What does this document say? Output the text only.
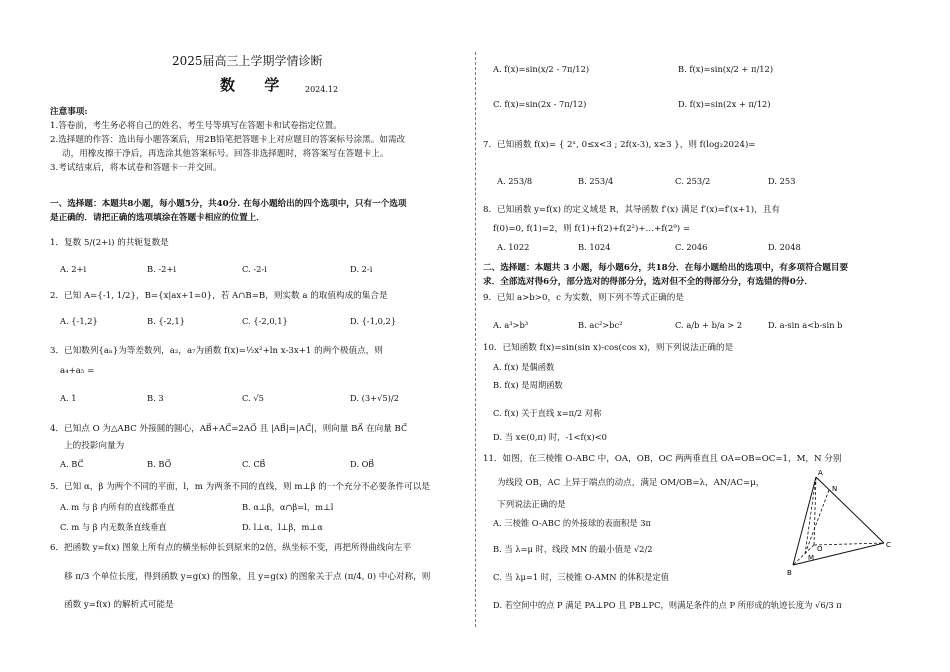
2025届高三上学期学情诊断
数 学 2024.12
注意事项:
1.答卷前，考生务必将自己的姓名、考生号等填写在答题卡和试卷指定位置。
2.选择题的作答：选出每小题答案后，用2B铅笔把答题卡上对应题目的答案标号涂黑。如需改
动，用橡皮擦干净后，再选涂其他答案标号。回答非选择题时，将答案写在答题卡上。
3.考试结束后，将本试卷和答题卡一并交回。
一、选择题：本题共8小题，每小题5分，共40分. 在每小题给出的四个选项中，只有一个选项
是正确的．请把正确的选项填涂在答题卡相应的位置上．
1．复数 5/(2+i) 的共轭复数是
A. 2+i	B. -2+i	C. -2-i	D. 2-i
2．已知 A={-1, 1/2}，B={x|ax+1=0}，若 A∩B=B，则实数 a 的取值构成的集合是
A. {-1,2}	B. {-2,1}	C. {-2,0,1}	D. {-1,0,2}
3．已知数列{aₙ}为等差数列，a₂，a₇为函数 f(x)=½x²+ln x-3x+1 的两个极值点，则
a₄+a₅ =
A. 1	B. 3	C. √5	D. (3+√5)/2
4．已知点 O 为△ABC 外接圆的圆心，AB⃗+AC⃗=2AO⃗ 且 |AB⃗|=|AC⃗|，则向量 BA⃗ 在向量 BC⃗
上的投影向量为
A. BC⃗	B. BO⃗	C. CB⃗	D. OB⃗
5．已知 α，β 为两个不同的平面，l，m 为两条不同的直线，则 m⊥β 的一个充分不必要条件可以是
A. m 与 β 内所有的直线都垂直	B. α⊥β，α∩β=l，m⊥l
C. m 与 β 内无数条直线垂直	D. l⊥α，l⊥β，m⊥α
6．把函数 y=f(x) 图象上所有点的横坐标伸长到原来的2倍，纵坐标不变，再把所得曲线向左平
移 π/3 个单位长度，得到函数 y=g(x) 的图象，且 y=g(x) 的图象关于点 (π/4, 0) 中心对称，则
函数 y=f(x) 的解析式可能是
A. f(x)=sin(x/2 - 7π/12)	B. f(x)=sin(x/2 + π/12)
C. f(x)=sin(2x - 7π/12)	D. f(x)=sin(2x + π/12)
7．已知函数 f(x)= { 2ˣ, 0≤x<3 ; 2f(x-3), x≥3 }，则 f(log₂2024)=
A. 253/8	B. 253/4	C. 253/2	D. 253
8．已知函数 y=f(x) 的定义域是 R，其导函数 f′(x) 满足 f′(x)=f′(x+1)，且有
f(0)=0, f(1)=2，则 f(1)+f(2)+f(2²)+…+f(2⁹) =
A. 1022	B. 1024	C. 2046	D. 2048
二、选择题：本题共 3 小题，每小题6分，共18分．在每小题给出的选项中，有多项符合题目要
求．全部选对得6分，部分选对的得部分分，选对但不全的得部分分，有选错的得0分．
9．已知 a>b>0，c 为实数，则下列不等式正确的是
A. a³>b³	B. ac²>bc²	C. a/b + b/a > 2	D. a-sin a<b-sin b
10．已知函数 f(x)=sin(sin x)-cos(cos x)，则下列说法正确的是
A. f(x) 是偶函数
B. f(x) 是周期函数
C. f(x) 关于直线 x=π/2 对称
D. 当 x∈(0,π) 时，-1<f(x)<0
11．如图，在三棱锥 O-ABC 中，OA，OB，OC 两两垂直且 OA=OB=OC=1，M，N 分别
为线段 OB，AC 上异于端点的动点，满足 OM/OB=λ，AN/AC=μ，
下列说法正确的是
A. 三棱锥 O-ABC 的外接球的表面积是 3π
B. 当 λ=μ 时，线段 MN 的最小值是 √2/2
C. 当 λμ=1 时，三棱锥 O-AMN 的体积是定值
D. 若空间中的点 P 满足 PA⊥PO 且 PB⊥PC，则满足条件的点 P 所形成的轨迹长度为 √6/3 π
A
N
O
M
B
C
